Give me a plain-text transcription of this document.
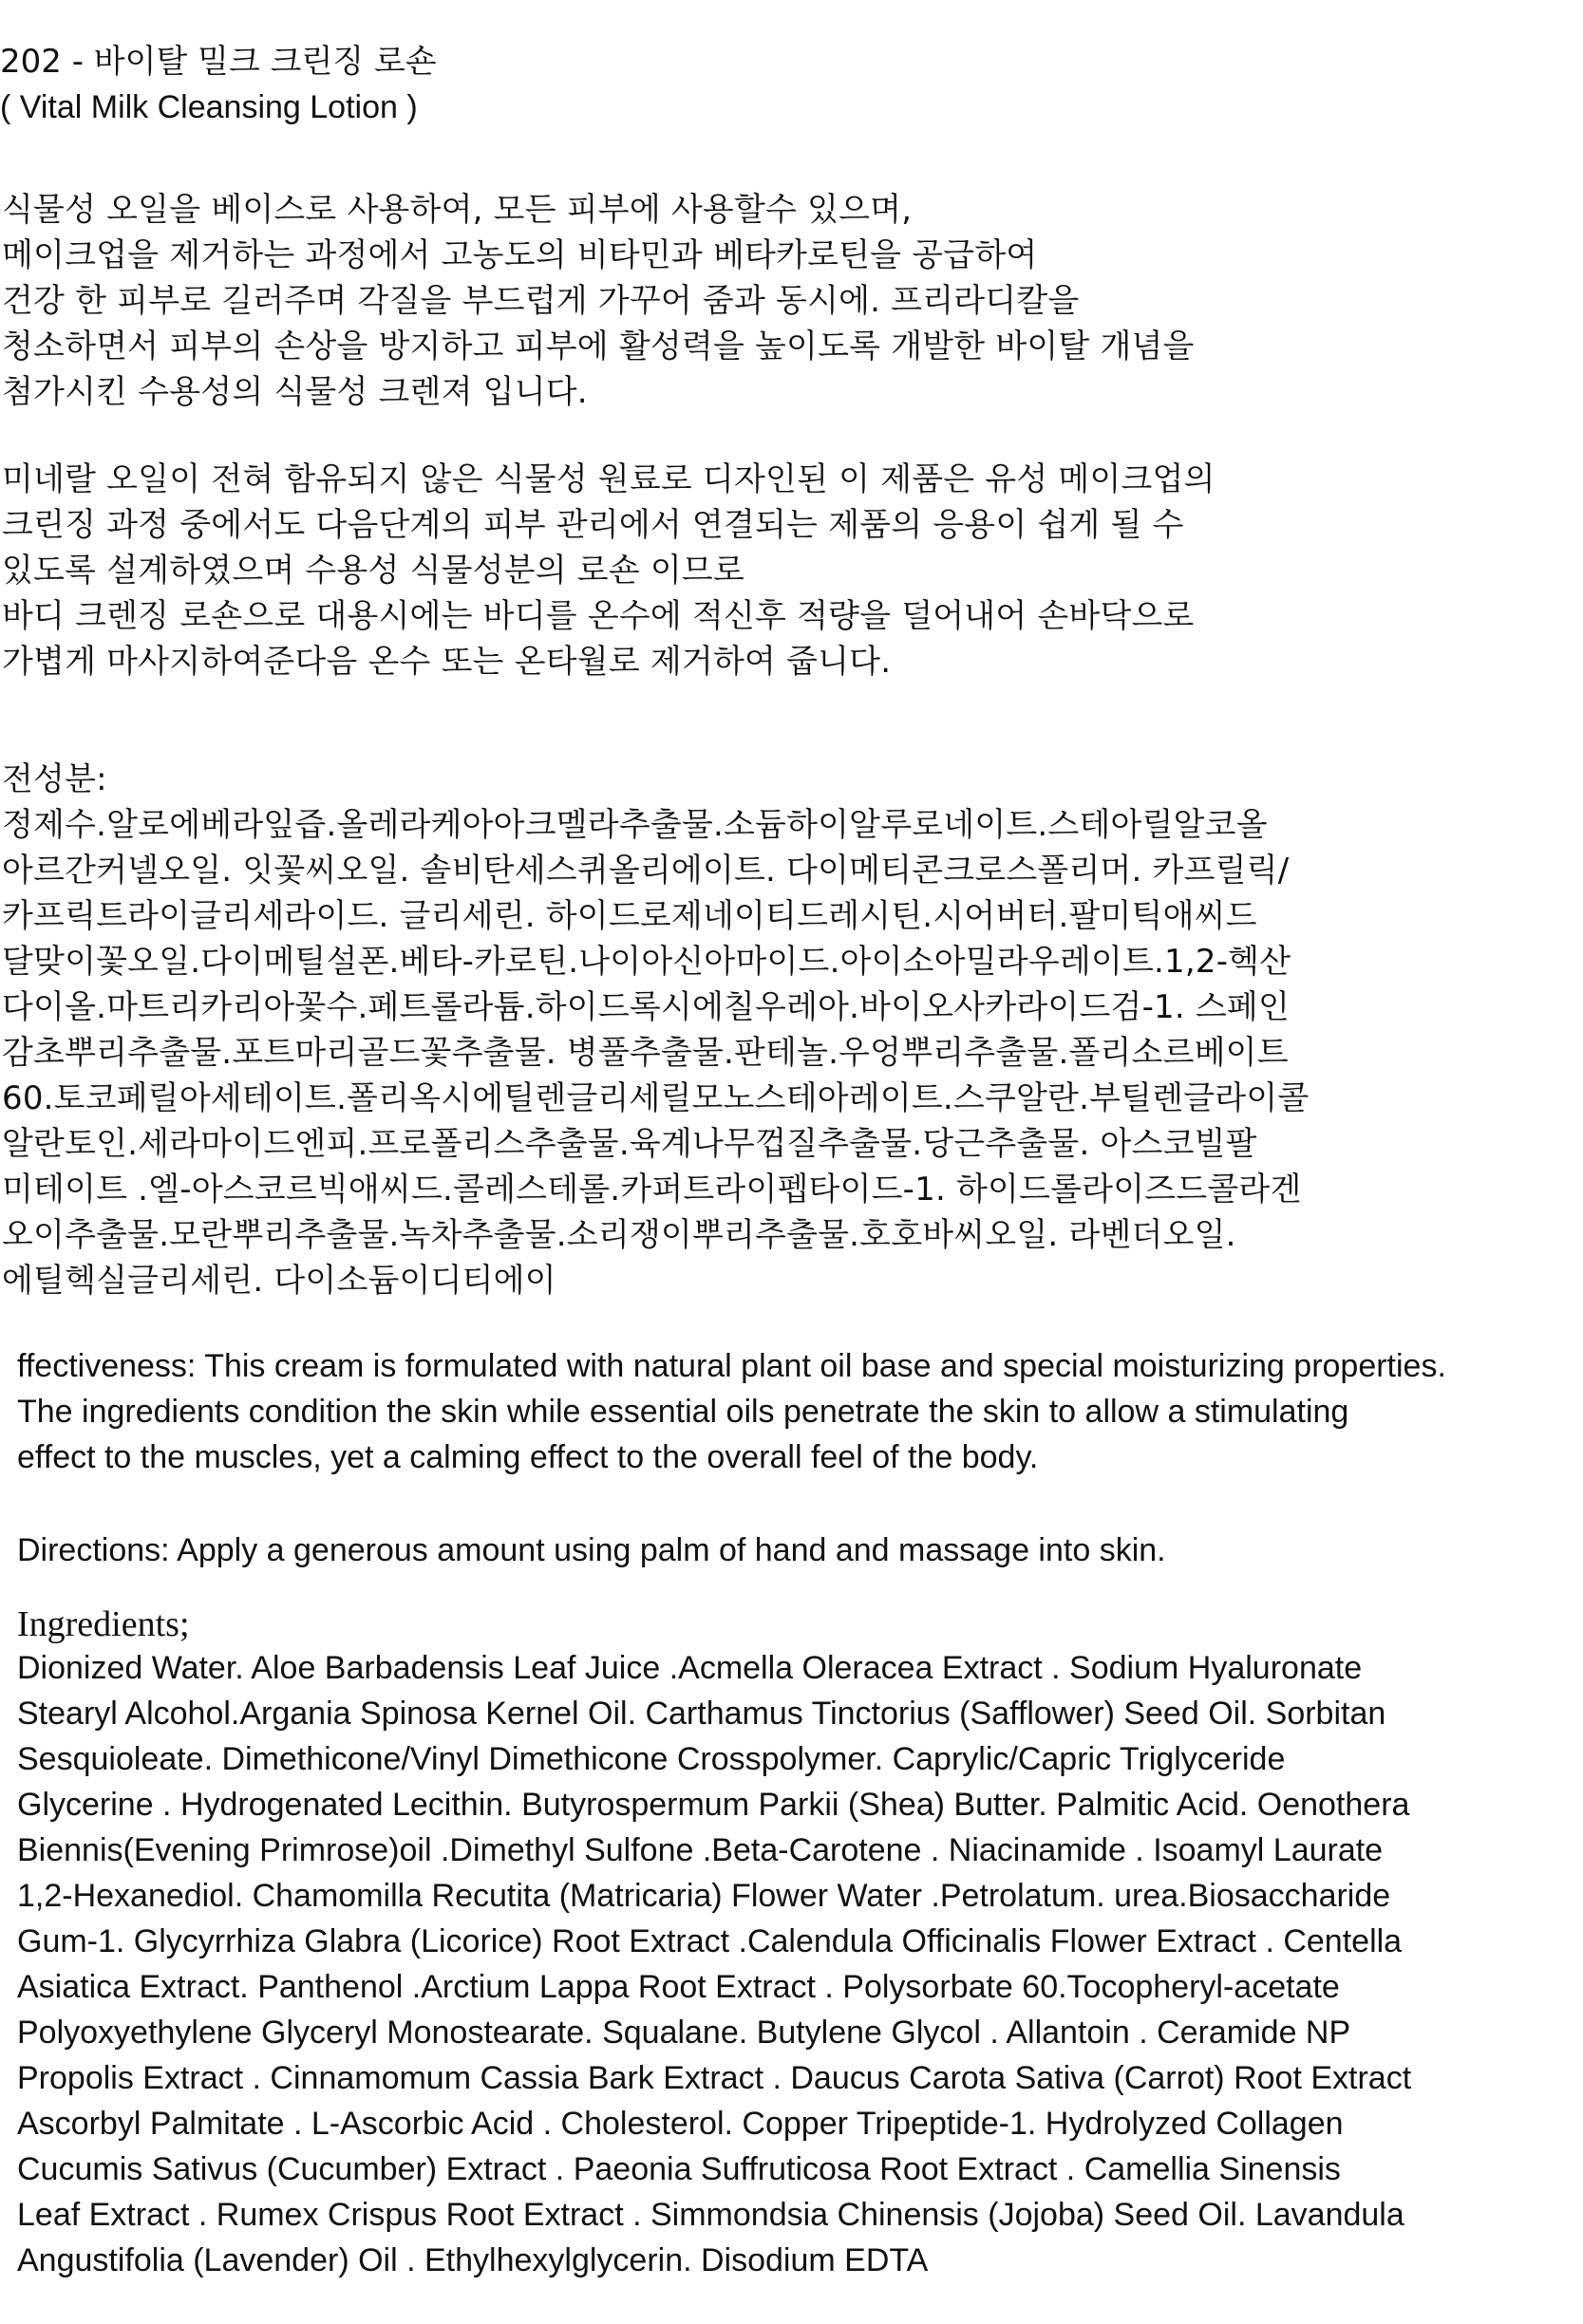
202 - 바이탈 밀크 크린징 로숀
( Vital Milk Cleansing Lotion )
식물성 오일을 베이스로 사용하여, 모든 피부에 사용할수 있으며,
메이크업을 제거하는 과정에서 고농도의 비타민과 베타카로틴을 공급하여
건강 한 피부로 길러주며 각질을 부드럽게 가꾸어 줌과 동시에. 프리라디칼을
청소하면서 피부의 손상을 방지하고 피부에 활성력을 높이도록 개발한 바이탈 개념을
첨가시킨 수용성의 식물성 크렌져 입니다.
미네랄 오일이 전혀 함유되지 않은 식물성 원료로 디자인된 이 제품은 유성 메이크업의
크린징 과정 중에서도 다음단계의 피부 관리에서 연결되는 제품의 응용이 쉽게 될 수
있도록 설계하였으며 수용성 식물성분의 로숀 이므로
바디 크렌징 로숀으로 대용시에는 바디를 온수에 적신후 적량을 덜어내어 손바닥으로
가볍게 마사지하여준다음 온수 또는 온타월로 제거하여 줍니다.
전성분:
정제수.알로에베라잎즙.올레라케아아크멜라추출물.소듐하이알루로네이트.스테아릴알코올
아르간커넬오일. 잇꽃씨오일. 솔비탄세스퀴올리에이트. 다이메티콘크로스폴리머. 카프릴릭/
카프릭트라이글리세라이드. 글리세린. 하이드로제네이티드레시틴.시어버터.팔미틱애씨드
달맞이꽃오일.다이메틸설폰.베타-카로틴.나이아신아마이드.아이소아밀라우레이트.1,2-헥산
다이올.마트리카리아꽃수.페트롤라튬.하이드록시에칠우레아.바이오사카라이드검-1. 스페인
감초뿌리추출물.포트마리골드꽃추출물. 병풀추출물.판테놀.우엉뿌리추출물.폴리소르베이트
60.토코페릴아세테이트.폴리옥시에틸렌글리세릴모노스테아레이트.스쿠알란.부틸렌글라이콜
알란토인.세라마이드엔피.프로폴리스추출물.육계나무껍질추출물.당근추출물. 아스코빌팔
미테이트 .엘-아스코르빅애씨드.콜레스테롤.카퍼트라이펩타이드-1. 하이드롤라이즈드콜라겐
오이추출물.모란뿌리추출물.녹차추출물.소리쟁이뿌리추출물.호호바씨오일. 라벤더오일.
에틸헥실글리세린. 다이소듐이디티에이
ffectiveness: This cream is formulated with natural plant oil base and special moisturizing properties.
The ingredients condition the skin while essential oils penetrate the skin to allow a stimulating
effect to the muscles, yet a calming effect to the overall feel of the body.
Directions: Apply a generous amount using palm of hand and massage into skin.
Ingredients;
Dionized Water. Aloe Barbadensis Leaf Juice .Acmella Oleracea Extract . Sodium Hyaluronate
Stearyl Alcohol.Argania Spinosa Kernel Oil. Carthamus Tinctorius (Safflower) Seed Oil. Sorbitan
Sesquioleate. Dimethicone/Vinyl Dimethicone Crosspolymer. Caprylic/Capric Triglyceride
Glycerine . Hydrogenated Lecithin. Butyrospermum Parkii (Shea) Butter. Palmitic Acid. Oenothera
Biennis(Evening Primrose)oil .Dimethyl Sulfone .Beta-Carotene . Niacinamide . Isoamyl Laurate
1,2-Hexanediol. Chamomilla Recutita (Matricaria) Flower Water .Petrolatum. urea.Biosaccharide
Gum-1. Glycyrrhiza Glabra (Licorice) Root Extract .Calendula Officinalis Flower Extract . Centella
Asiatica Extract. Panthenol .Arctium Lappa Root Extract . Polysorbate 60.Tocopheryl-acetate
Polyoxyethylene Glyceryl Monostearate. Squalane. Butylene Glycol . Allantoin . Ceramide NP
Propolis Extract . Cinnamomum Cassia Bark Extract . Daucus Carota Sativa (Carrot) Root Extract
Ascorbyl Palmitate . L-Ascorbic Acid . Cholesterol. Copper Tripeptide-1. Hydrolyzed Collagen
Cucumis Sativus (Cucumber) Extract . Paeonia Suffruticosa Root Extract . Camellia Sinensis
Leaf Extract . Rumex Crispus Root Extract . Simmondsia Chinensis (Jojoba) Seed Oil. Lavandula
Angustifolia (Lavender) Oil . Ethylhexylglycerin. Disodium EDTA
